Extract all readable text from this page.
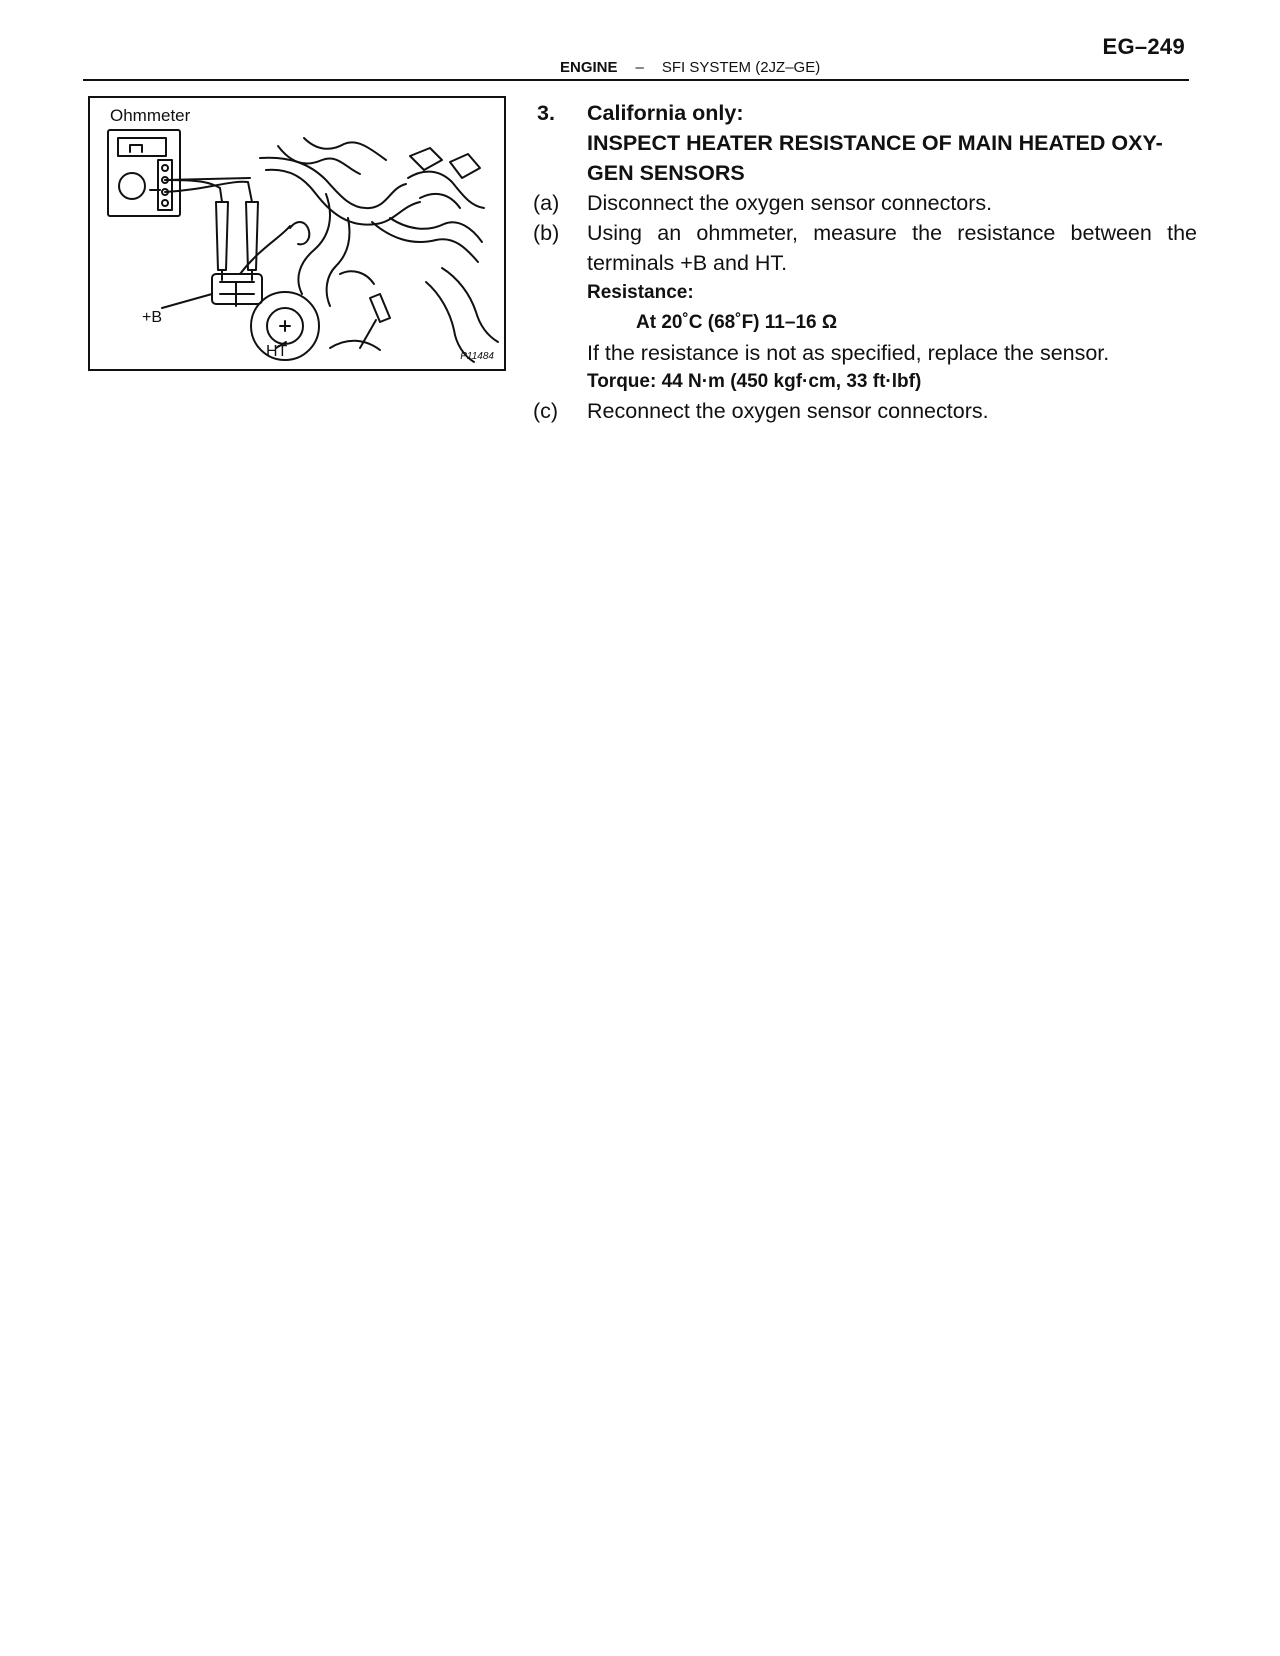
EG–249
ENGINE – SFI SYSTEM (2JZ–GE)
Ohmmeter
+B
HT	P11484
3. California only:
INSPECT HEATER RESISTANCE OF MAIN HEATED OXY-
GEN SENSORS
(a) Disconnect the oxygen sensor connectors.
(b) Using an ohmmeter, measure the resistance between the terminals +B and HT.
Resistance:
At 20˚C (68˚F) 11–16 Ω
If the resistance is not as specified, replace the sensor.
Torque: 44 N·m (450 kgf·cm, 33 ft·lbf)
(c) Reconnect the oxygen sensor connectors.
